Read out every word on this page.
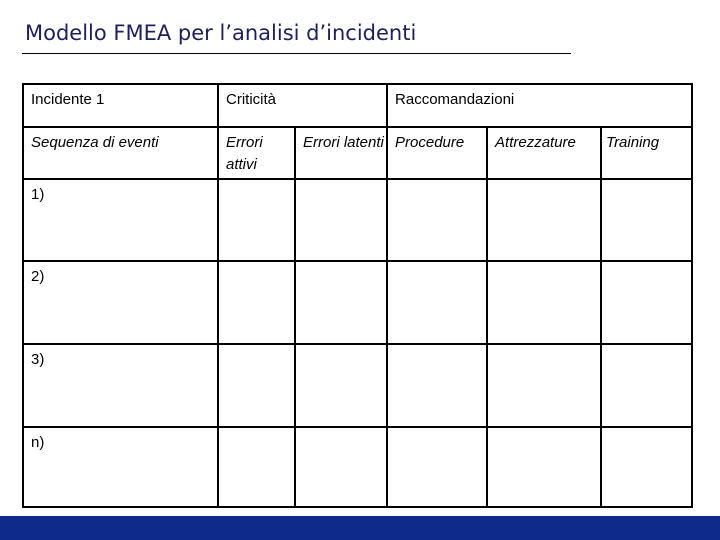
Modello FMEA per l’analisi d’incidenti
Incidente 1	Criticità		Raccomandazioni		
Sequenza di eventi	Errori attivi	Errori latenti	Procedure	Attrezzature	Training
1)					
2)					
3)					
n)					
